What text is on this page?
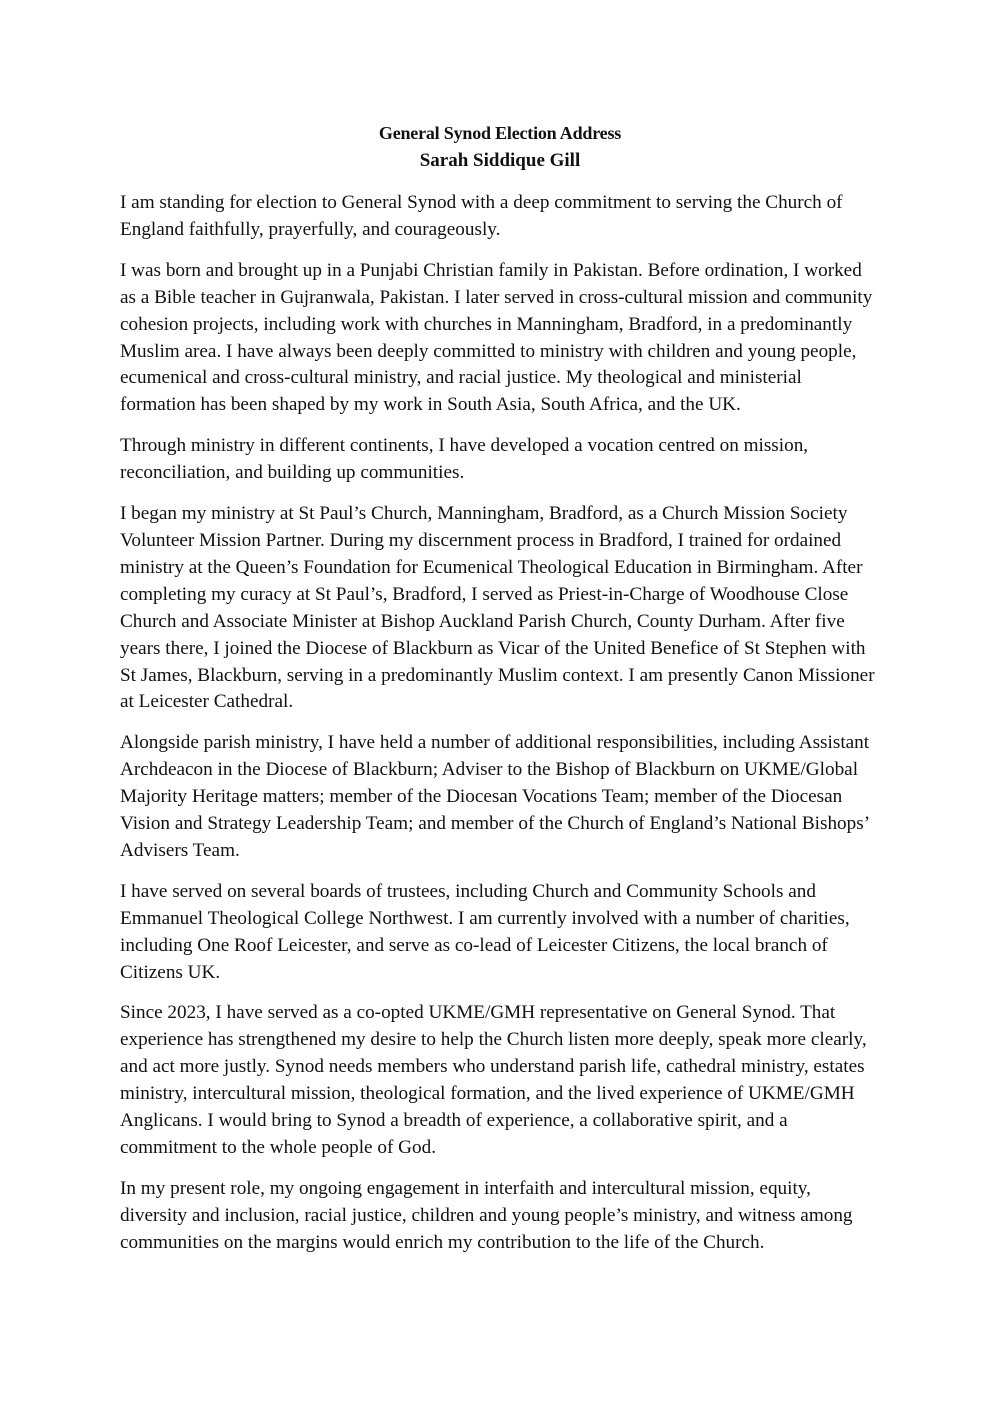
General Synod Election Address
Sarah Siddique Gill

I am standing for election to General Synod with a deep commitment to serving the Church of England faithfully, prayerfully, and courageously.

I was born and brought up in a Punjabi Christian family in Pakistan. Before ordination, I worked as a Bible teacher in Gujranwala, Pakistan. I later served in cross-cultural mission and community cohesion projects, including work with churches in Manningham, Bradford, in a predominantly Muslim area. I have always been deeply committed to ministry with children and young people, ecumenical and cross-cultural ministry, and racial justice. My theological and ministerial formation has been shaped by my work in South Asia, South Africa, and the UK.

Through ministry in different continents, I have developed a vocation centred on mission, reconciliation, and building up communities.

I began my ministry at St Paul’s Church, Manningham, Bradford, as a Church Mission Society Volunteer Mission Partner. During my discernment process in Bradford, I trained for ordained ministry at the Queen’s Foundation for Ecumenical Theological Education in Birmingham. After completing my curacy at St Paul’s, Bradford, I served as Priest-in-Charge of Woodhouse Close Church and Associate Minister at Bishop Auckland Parish Church, County Durham. After five years there, I joined the Diocese of Blackburn as Vicar of the United Benefice of St Stephen with St James, Blackburn, serving in a predominantly Muslim context. I am presently Canon Missioner at Leicester Cathedral.

Alongside parish ministry, I have held a number of additional responsibilities, including Assistant Archdeacon in the Diocese of Blackburn; Adviser to the Bishop of Blackburn on UKME/Global Majority Heritage matters; member of the Diocesan Vocations Team; member of the Diocesan Vision and Strategy Leadership Team; and member of the Church of England’s National Bishops’ Advisers Team.

I have served on several boards of trustees, including Church and Community Schools and Emmanuel Theological College Northwest. I am currently involved with a number of charities, including One Roof Leicester, and serve as co-lead of Leicester Citizens, the local branch of Citizens UK.

Since 2023, I have served as a co-opted UKME/GMH representative on General Synod. That experience has strengthened my desire to help the Church listen more deeply, speak more clearly, and act more justly. Synod needs members who understand parish life, cathedral ministry, estates ministry, intercultural mission, theological formation, and the lived experience of UKME/GMH Anglicans. I would bring to Synod a breadth of experience, a collaborative spirit, and a commitment to the whole people of God.

In my present role, my ongoing engagement in interfaith and intercultural mission, equity, diversity and inclusion, racial justice, children and young people’s ministry, and witness among communities on the margins would enrich my contribution to the life of the Church.
